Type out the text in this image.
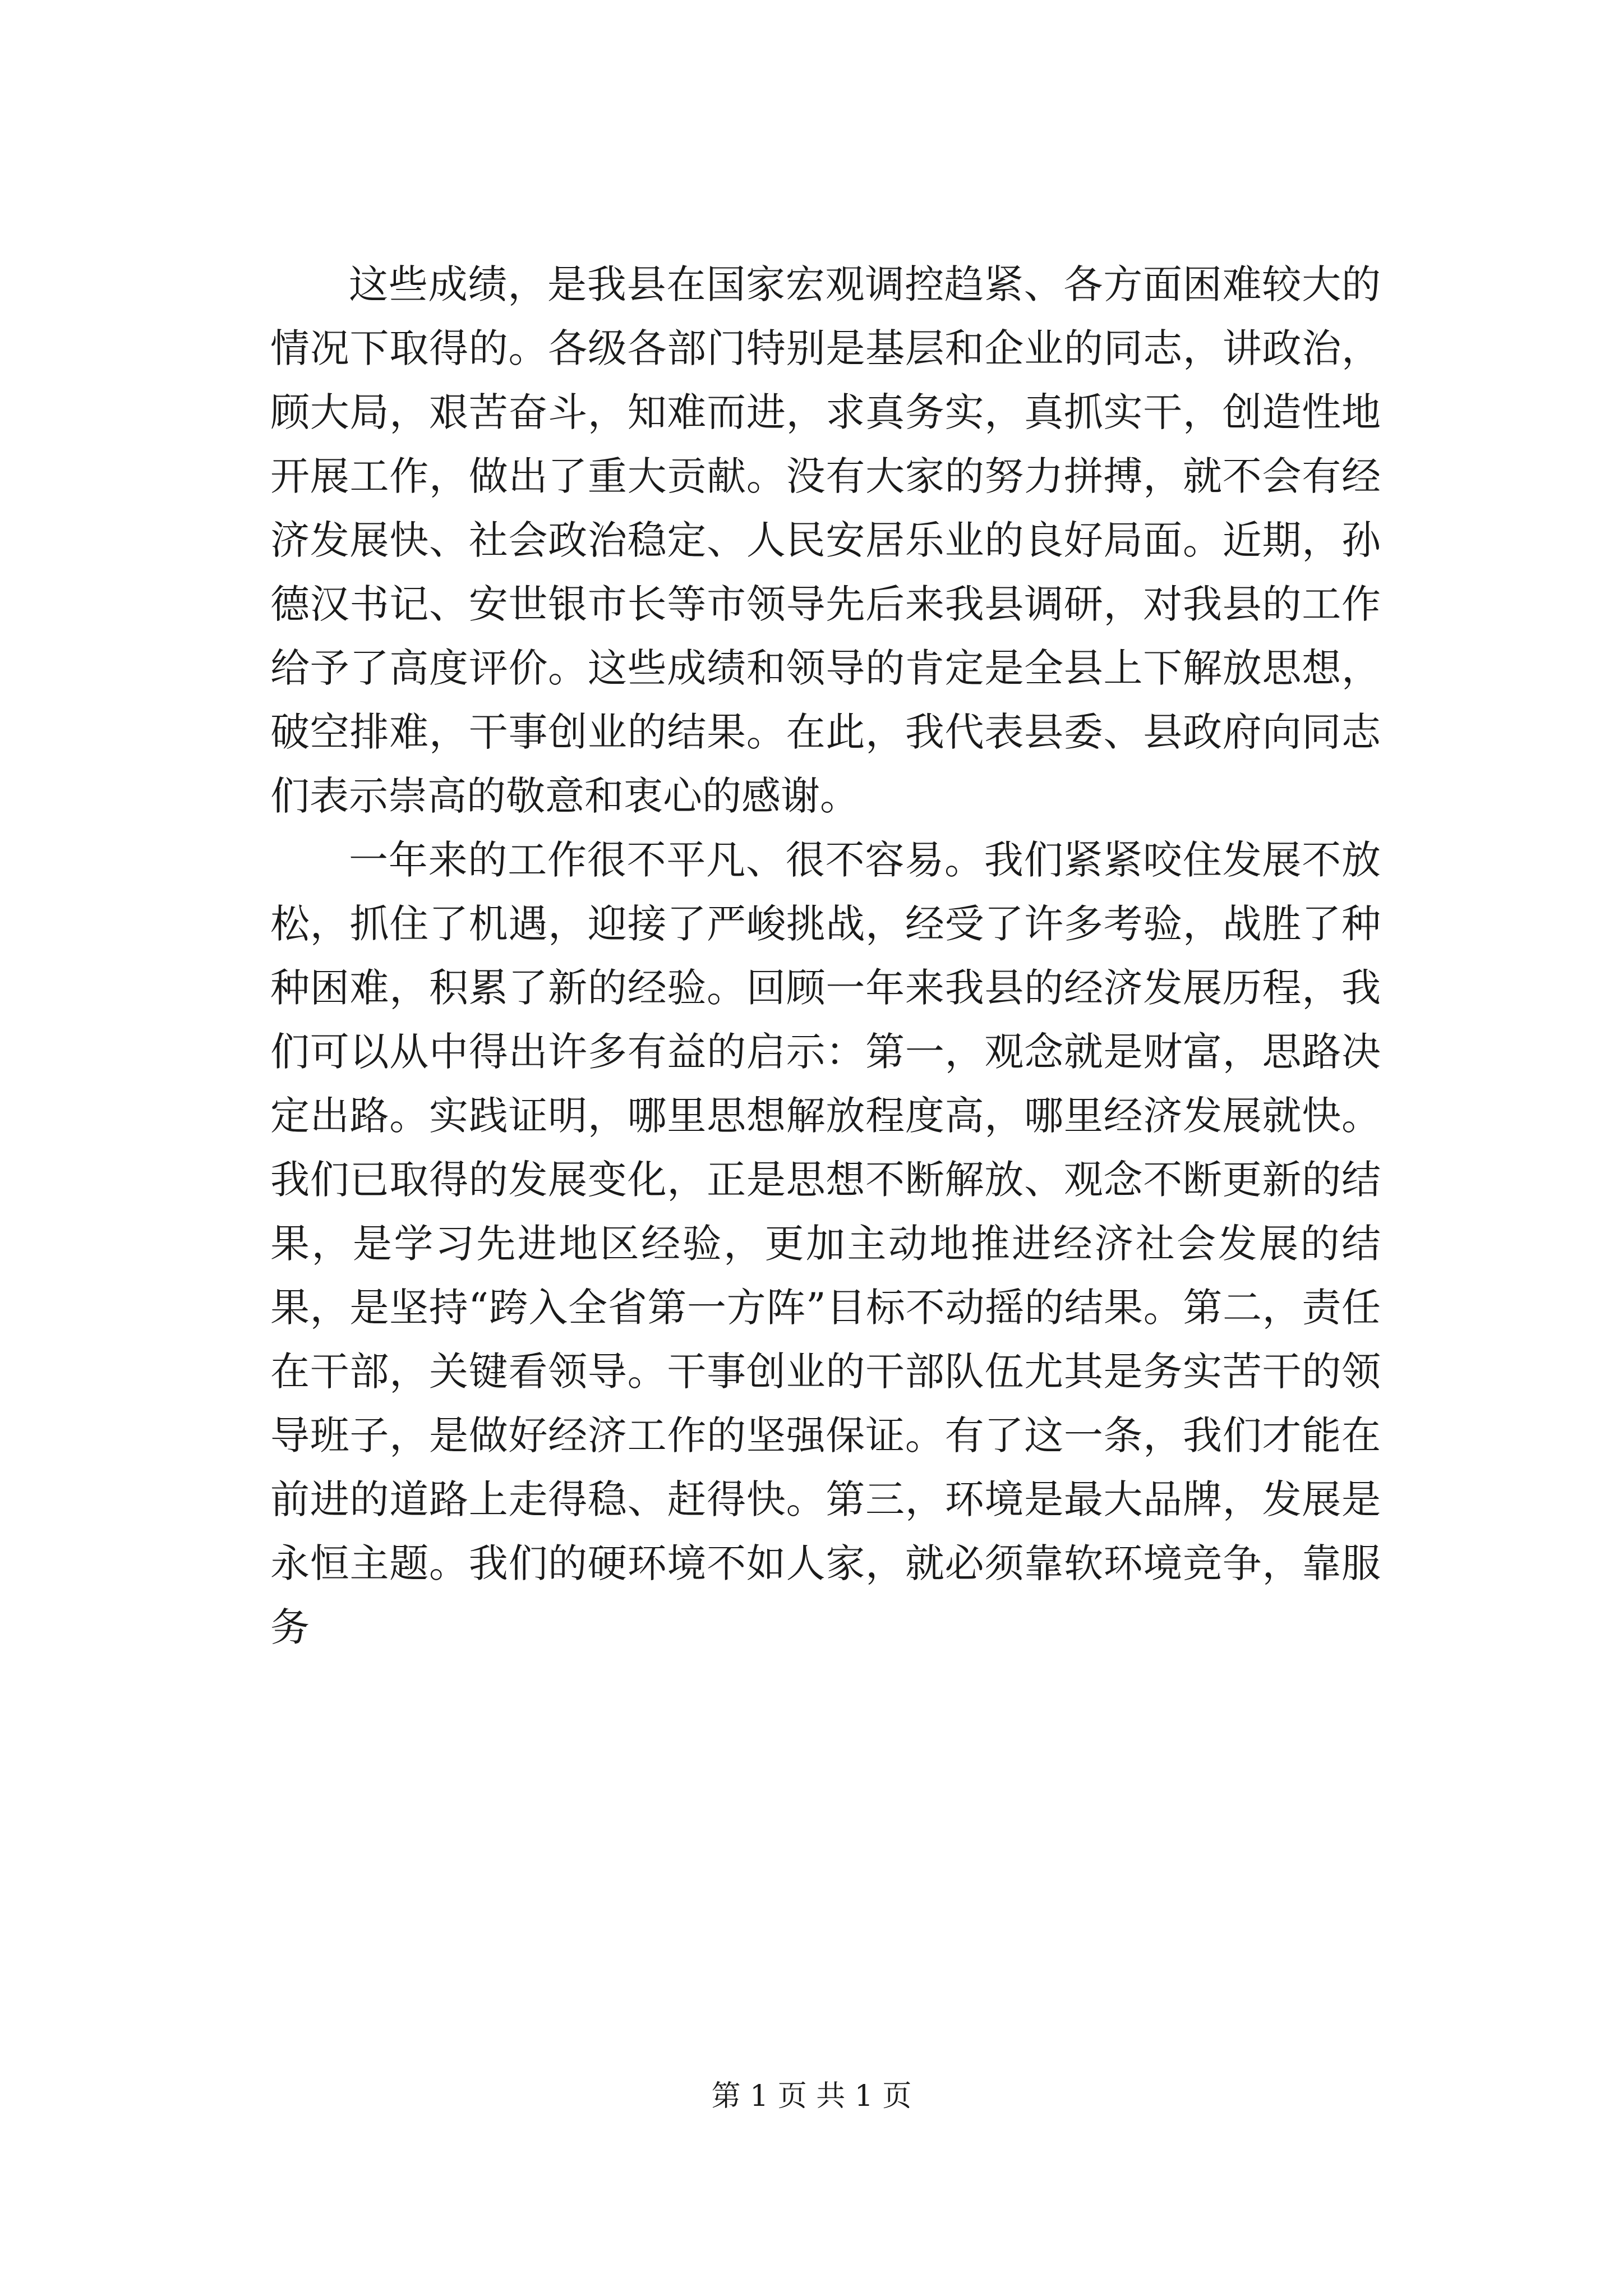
这些成绩，是我县在国家宏观调控趋紧、各方面困难较大的情况下取得的。各级各部门特别是基层和企业的同志，讲政治，顾大局，艰苦奋斗，知难而进，求真务实，真抓实干，创造性地开展工作，做出了重大贡献。没有大家的努力拼搏，就不会有经济发展快、社会政治稳定、人民安居乐业的良好局面。近期，孙德汉书记、安世银市长等市领导先后来我县调研，对我县的工作给予了高度评价。这些成绩和领导的肯定是全县上下解放思想，破空排难，干事创业的结果。在此，我代表县委、县政府向同志们表示崇高的敬意和衷心的感谢。

一年来的工作很不平凡、很不容易。我们紧紧咬住发展不放松，抓住了机遇，迎接了严峻挑战，经受了许多考验，战胜了种种困难，积累了新的经验。回顾一年来我县的经济发展历程，我们可以从中得出许多有益的启示：第一，观念就是财富，思路决定出路。实践证明，哪里思想解放程度高，哪里经济发展就快。我们已取得的发展变化，正是思想不断解放、观念不断更新的结果，是学习先进地区经验，更加主动地推进经济社会发展的结果，是坚持“跨入全省第一方阵”目标不动摇的结果。第二，责任在干部，关键看领导。干事创业的干部队伍尤其是务实苦干的领导班子，是做好经济工作的坚强保证。有了这一条，我们才能在前进的道路上走得稳、赶得快。第三，环境是最大品牌，发展是永恒主题。我们的硬环境不如人家，就必须靠软环境竞争，靠服务

第 1 页 共 1 页
